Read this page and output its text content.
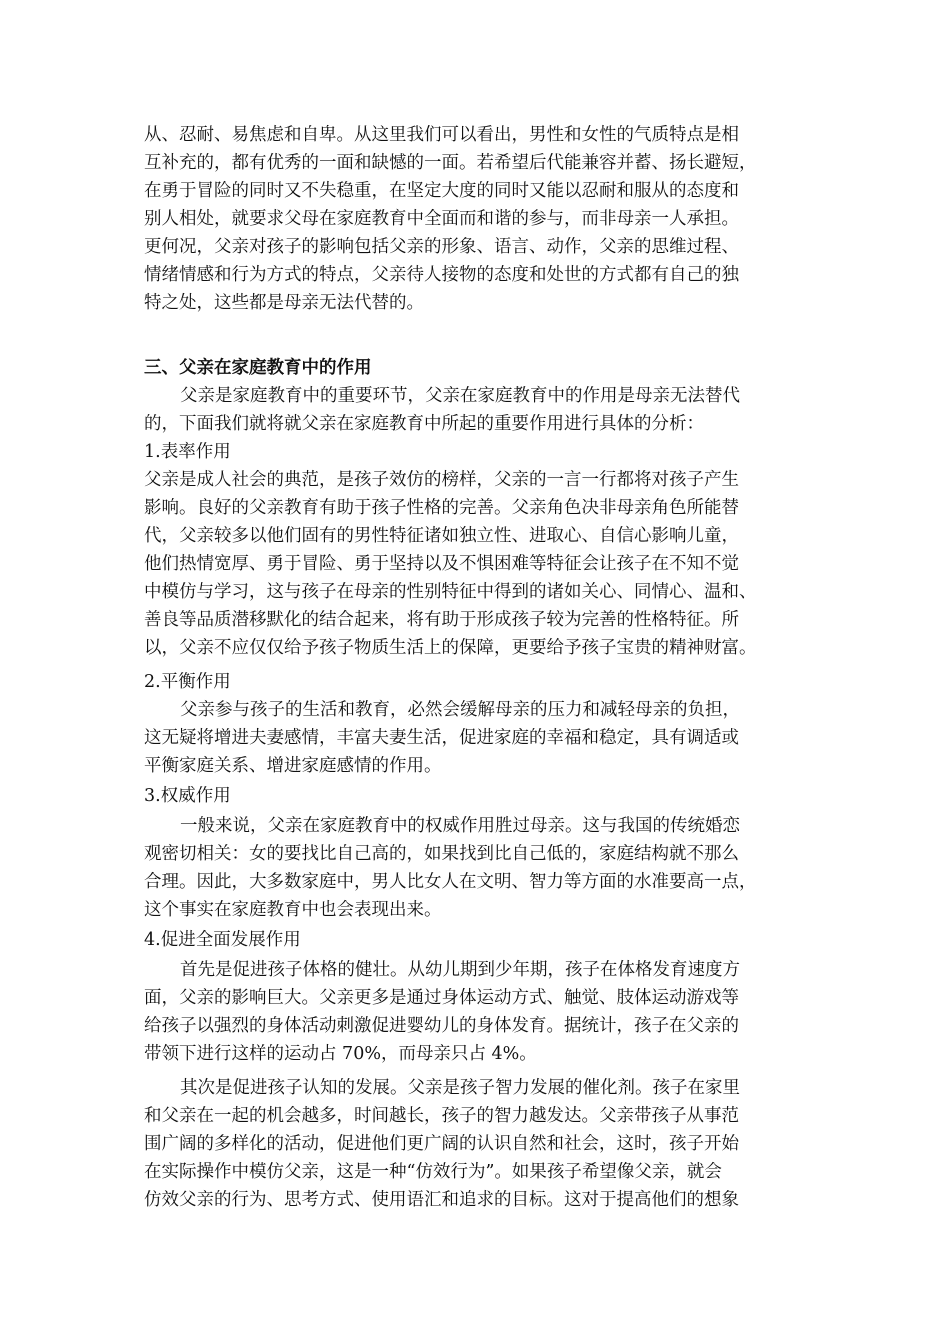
从、忍耐、易焦虑和自卑。从这里我们可以看出，男性和女性的气质特点是相
互补充的，都有优秀的一面和缺憾的一面。若希望后代能兼容并蓄、扬长避短，
在勇于冒险的同时又不失稳重，在坚定大度的同时又能以忍耐和服从的态度和
别人相处，就要求父母在家庭教育中全面而和谐的参与，而非母亲一人承担。
更何况，父亲对孩子的影响包括父亲的形象、语言、动作，父亲的思维过程、
情绪情感和行为方式的特点，父亲待人接物的态度和处世的方式都有自己的独
特之处，这些都是母亲无法代替的。
三、父亲在家庭教育中的作用
父亲是家庭教育中的重要环节，父亲在家庭教育中的作用是母亲无法替代
的，下面我们就将就父亲在家庭教育中所起的重要作用进行具体的分析：
1.表率作用
父亲是成人社会的典范，是孩子效仿的榜样，父亲的一言一行都将对孩子产生
影响。良好的父亲教育有助于孩子性格的完善。父亲角色决非母亲角色所能替
代，父亲较多以他们固有的男性特征诸如独立性、进取心、自信心影响儿童，
他们热情宽厚、勇于冒险、勇于坚持以及不惧困难等特征会让孩子在不知不觉
中模仿与学习，这与孩子在母亲的性别特征中得到的诸如关心、同情心、温和、
善良等品质潜移默化的结合起来，将有助于形成孩子较为完善的性格特征。所
以，父亲不应仅仅给予孩子物质生活上的保障，更要给予孩子宝贵的精神财富。
2.平衡作用
父亲参与孩子的生活和教育，必然会缓解母亲的压力和减轻母亲的负担，
这无疑将增进夫妻感情，丰富夫妻生活，促进家庭的幸福和稳定，具有调适或
平衡家庭关系、增进家庭感情的作用。
3.权威作用
一般来说，父亲在家庭教育中的权威作用胜过母亲。这与我国的传统婚恋
观密切相关：女的要找比自己高的，如果找到比自己低的，家庭结构就不那么
合理。因此，大多数家庭中，男人比女人在文明、智力等方面的水准要高一点，
这个事实在家庭教育中也会表现出来。
4.促进全面发展作用
首先是促进孩子体格的健壮。从幼儿期到少年期，孩子在体格发育速度方
面，父亲的影响巨大。父亲更多是通过身体运动方式、触觉、肢体运动游戏等
给孩子以强烈的身体活动刺激促进婴幼儿的身体发育。据统计，孩子在父亲的
带领下进行这样的运动占 70%，而母亲只占 4%。
其次是促进孩子认知的发展。父亲是孩子智力发展的催化剂。孩子在家里
和父亲在一起的机会越多，时间越长，孩子的智力越发达。父亲带孩子从事范
围广阔的多样化的活动，促进他们更广阔的认识自然和社会，这时，孩子开始
在实际操作中模仿父亲，这是一种“仿效行为”。如果孩子希望像父亲，就会
仿效父亲的行为、思考方式、使用语汇和追求的目标。这对于提高他们的想象
